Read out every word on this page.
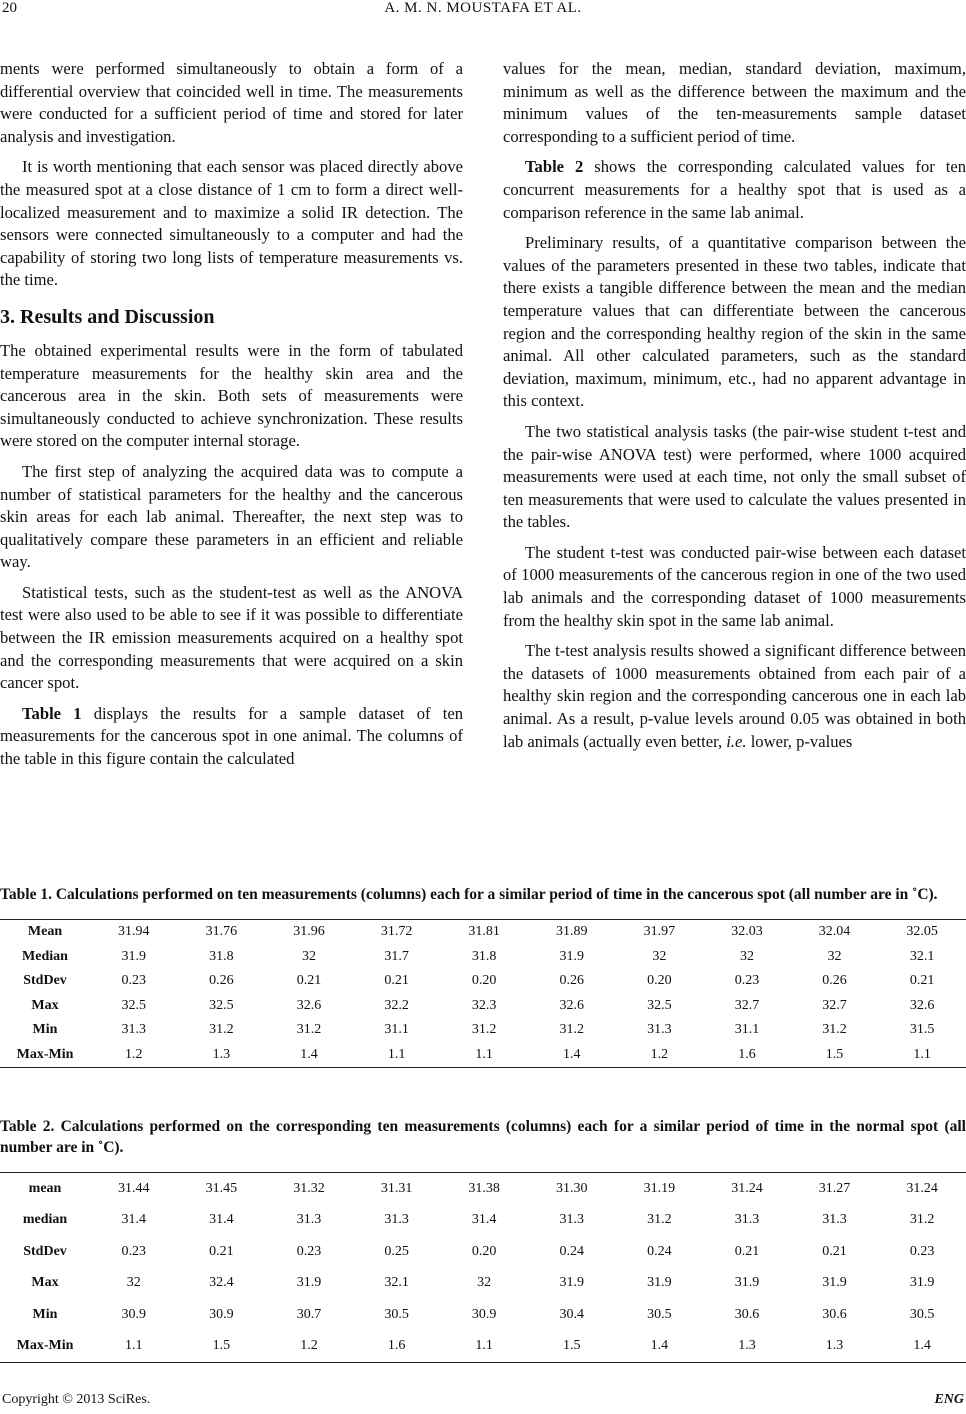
20	A. M. N. MOUSTAFA ET AL.

ments were performed simultaneously to obtain a form of a differential overview that coincided well in time. The measurements were conducted for a sufficient period of time and stored for later analysis and investigation.

It is worth mentioning that each sensor was placed directly above the measured spot at a close distance of 1 cm to form a direct well-localized measurement and to maximize a solid IR detection. The sensors were connected simultaneously to a computer and had the capability of storing two long lists of temperature measurements vs. the time.

3. Results and Discussion

The obtained experimental results were in the form of tabulated temperature measurements for the healthy skin area and the cancerous area in the skin. Both sets of measurements were simultaneously conducted to achieve synchronization. These results were stored on the computer internal storage.

The first step of analyzing the acquired data was to compute a number of statistical parameters for the healthy and the cancerous skin areas for each lab animal. Thereafter, the next step was to qualitatively compare these parameters in an efficient and reliable way.

Statistical tests, such as the student-test as well as the ANOVA test were also used to be able to see if it was possible to differentiate between the IR emission measurements acquired on a healthy spot and the corresponding measurements that were acquired on a skin cancer spot.

Table 1 displays the results for a sample dataset of ten measurements for the cancerous spot in one animal. The columns of the table in this figure contain the calculated

values for the mean, median, standard deviation, maximum, minimum as well as the difference between the maximum and the minimum values of the ten-measurements sample dataset corresponding to a sufficient period of time.

Table 2 shows the corresponding calculated values for ten concurrent measurements for a healthy spot that is used as a comparison reference in the same lab animal.

Preliminary results, of a quantitative comparison between the values of the parameters presented in these two tables, indicate that there exists a tangible difference between the mean and the median temperature values that can differentiate between the cancerous region and the corresponding healthy region of the skin in the same animal. All other calculated parameters, such as the standard deviation, maximum, minimum, etc., had no apparent advantage in this context.

The two statistical analysis tasks (the pair-wise student t-test and the pair-wise ANOVA test) were performed, where 1000 acquired measurements were used at each time, not only the small subset of ten measurements that were used to calculate the values presented in the tables.

The student t-test was conducted pair-wise between each dataset of 1000 measurements of the cancerous region in one of the two used lab animals and the corresponding dataset of 1000 measurements from the healthy skin spot in the same lab animal.

The t-test analysis results showed a significant difference between the datasets of 1000 measurements obtained from each pair of a healthy skin region and the corresponding cancerous one in each lab animal. As a result, p-value levels around 0.05 was obtained in both lab animals (actually even better, i.e. lower, p-values

Table 1. Calculations performed on ten measurements (columns) each for a similar period of time in the cancerous spot (all number are in ˚C).

Mean	31.94	31.76	31.96	31.72	31.81	31.89	31.97	32.03	32.04	32.05
Median	31.9	31.8	32	31.7	31.8	31.9	32	32	32	32.1
StdDev	0.23	0.26	0.21	0.21	0.20	0.26	0.20	0.23	0.26	0.21
Max	32.5	32.5	32.6	32.2	32.3	32.6	32.5	32.7	32.7	32.6
Min	31.3	31.2	31.2	31.1	31.2	31.2	31.3	31.1	31.2	31.5
Max-Min	1.2	1.3	1.4	1.1	1.1	1.4	1.2	1.6	1.5	1.1

Table 2. Calculations performed on the corresponding ten measurements (columns) each for a similar period of time in the normal spot (all number are in ˚C).

mean	31.44	31.45	31.32	31.31	31.38	31.30	31.19	31.24	31.27	31.24
median	31.4	31.4	31.3	31.3	31.4	31.3	31.2	31.3	31.3	31.2
StdDev	0.23	0.21	0.23	0.25	0.20	0.24	0.24	0.21	0.21	0.23
Max	32	32.4	31.9	32.1	32	31.9	31.9	31.9	31.9	31.9
Min	30.9	30.9	30.7	30.5	30.9	30.4	30.5	30.6	30.6	30.5
Max-Min	1.1	1.5	1.2	1.6	1.1	1.5	1.4	1.3	1.3	1.4
Copyright © 2013 SciRes.	ENG
